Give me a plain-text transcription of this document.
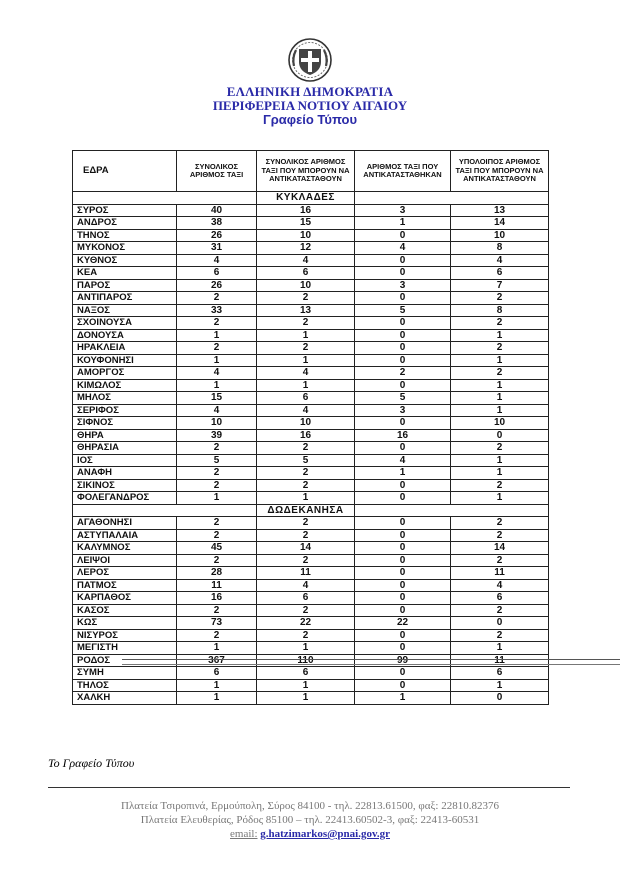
ΕΛΛΗΝΙΚΗ ΔΗΜΟΚΡΑΤΙΑ
ΠΕΡΙΦΕΡΕΙΑ ΝΟΤΙΟΥ ΑΙΓΑΙΟΥ
Γραφείο Τύπου
ΕΔΡΑ	ΣΥΝΟΛΙΚΟΣ ΑΡΙΘΜΟΣ ΤΑΞΙ	ΣΥΝΟΛΙΚΟΣ ΑΡΙΘΜΟΣ ΤΑΞΙ ΠΟΥ ΜΠΟΡΟΥΝ ΝΑ ΑΝΤΙΚΑΤΑΣΤΑΘΟΥΝ	ΑΡΙΘΜΟΣ ΤΑΞΙ ΠΟΥ ΑΝΤΙΚΑΤΑΣΤΑΘΗΚΑΝ	ΥΠΟΛΟΙΠΟΣ ΑΡΙΘΜΟΣ ΤΑΞΙ ΠΟΥ ΜΠΟΡΟΥΝ ΝΑ ΑΝΤΙΚΑΤΑΣΤΑΘΟΥΝ
		ΚΥΚΛΑΔΕΣ		
ΣΥΡΟΣ	40	16	3	13
ΑΝΔΡΟΣ	38	15	1	14
ΤΗΝΟΣ	26	10	0	10
ΜΥΚΟΝΟΣ	31	12	4	8
ΚΥΘΝΟΣ	4	4	0	4
ΚΕΑ	6	6	0	6
ΠΑΡΟΣ	26	10	3	7
ΑΝΤΙΠΑΡΟΣ	2	2	0	2
ΝΑΞΟΣ	33	13	5	8
ΣΧΟΙΝΟΥΣΑ	2	2	0	2
ΔΟΝΟΥΣΑ	1	1	0	1
ΗΡΑΚΛΕΙΑ	2	2	0	2
ΚΟΥΦΟΝΗΣΙ	1	1	0	1
ΑΜΟΡΓΟΣ	4	4	2	2
ΚΙΜΩΛΟΣ	1	1	0	1
ΜΗΛΟΣ	15	6	5	1
ΣΕΡΙΦΟΣ	4	4	3	1
ΣΙΦΝΟΣ	10	10	0	10
ΘΗΡΑ	39	16	16	0
ΘΗΡΑΣΙΑ	2	2	0	2
ΙΟΣ	5	5	4	1
ΑΝΑΦΗ	2	2	1	1
ΣΙΚΙΝΟΣ	2	2	0	2
ΦΟΛΕΓΑΝΔΡΟΣ	1	1	0	1
		ΔΩΔΕΚΑΝΗΣΑ		
ΑΓΑΘΟΝΗΣΙ	2	2	0	2
ΑΣΤΥΠΑΛΑΙΑ	2	2	0	2
ΚΑΛΥΜΝΟΣ	45	14	0	14
ΛΕΙΨΟΙ	2	2	0	2
ΛΕΡΟΣ	28	11	0	11
ΠΑΤΜΟΣ	11	4	0	4
ΚΑΡΠΑΘΟΣ	16	6	0	6
ΚΑΣΟΣ	2	2	0	2
ΚΩΣ	73	22	22	0
ΝΙΣΥΡΟΣ	2	2	0	2
ΜΕΓΙΣΤΗ	1	1	0	1
ΡΟΔΟΣ	367	110	99	11
ΣΥΜΗ	6	6	0	6
ΤΗΛΟΣ	1	1	0	1
ΧΑΛΚΗ	1	1	1	0
Το Γραφείο Τύπου
Πλατεία Τσιροπινά, Ερμούπολη, Σύρος 84100 - τηλ. 22813.61500, φαξ: 22810.82376
Πλατεία Ελευθερίας, Ρόδος 85100 – τηλ. 22413.60502-3, φαξ: 22413-60531
email: g.hatzimarkos@pnai.gov.gr
